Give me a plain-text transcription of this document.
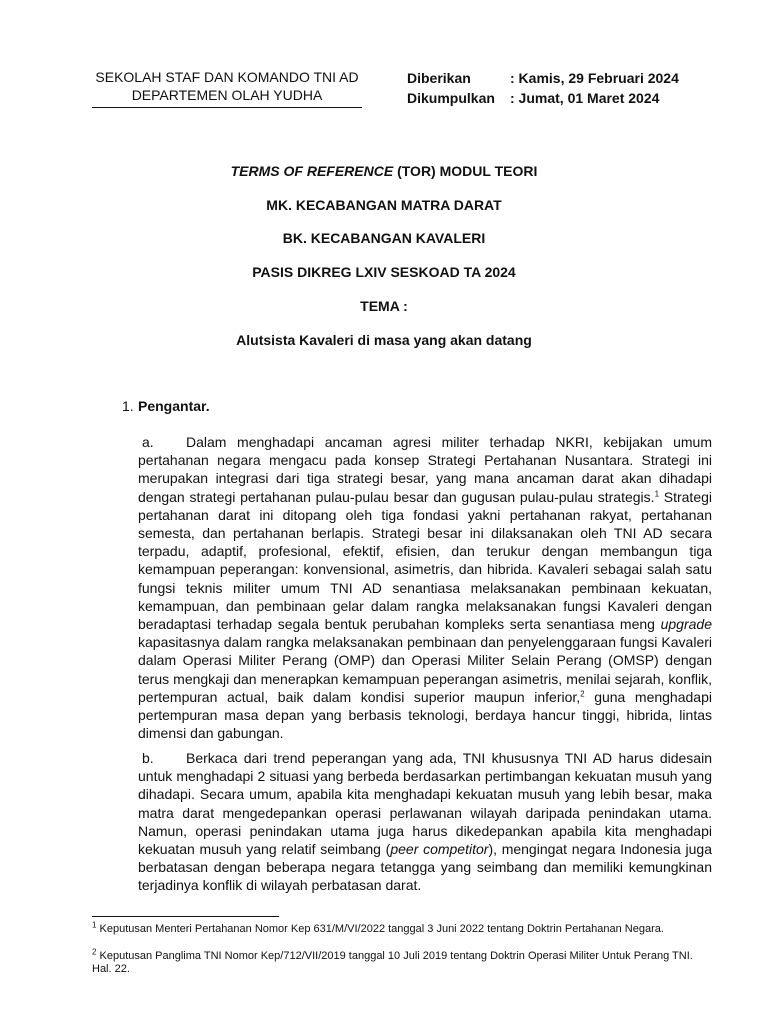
SEKOLAH STAF DAN KOMANDO TNI AD
DEPARTEMEN OLAH YUDHA
Diberikan	: Kamis, 29 Februari 2024
Dikumpulkan	: Jumat, 01 Maret 2024
TERMS OF REFERENCE (TOR) MODUL TEORI
MK. KECABANGAN MATRA DARAT
BK. KECABANGAN KAVALERI
PASIS DIKREG LXIV SESKOAD TA 2024
TEMA :
Alutsista Kavaleri di masa yang akan datang
1. Pengantar.
a. Dalam menghadapi ancaman agresi militer terhadap NKRI, kebijakan umum pertahanan negara mengacu pada konsep Strategi Pertahanan Nusantara. Strategi ini merupakan integrasi dari tiga strategi besar, yang mana ancaman darat akan dihadapi dengan strategi pertahanan pulau-pulau besar dan gugusan pulau-pulau strategis.$^1$ Strategi pertahanan darat ini ditopang oleh tiga fondasi yakni pertahanan rakyat, pertahanan semesta, dan pertahanan berlapis. Strategi besar ini dilaksanakan oleh TNI AD secara terpadu, adaptif, profesional, efektif, efisien, dan terukur dengan membangun tiga kemampuan peperangan: konvensional, asimetris, dan hibrida. Kavaleri sebagai salah satu fungsi teknis militer umum TNI AD senantiasa melaksanakan pembinaan kekuatan, kemampuan, dan pembinaan gelar dalam rangka melaksanakan fungsi Kavaleri dengan beradaptasi terhadap segala bentuk perubahan kompleks serta senantiasa meng upgrade kapasitasnya dalam rangka melaksanakan pembinaan dan penyelenggaraan fungsi Kavaleri dalam Operasi Militer Perang (OMP) dan Operasi Militer Selain Perang (OMSP) dengan terus mengkaji dan menerapkan kemampuan peperangan asimetris, menilai sejarah, konflik, pertempuran actual, baik dalam kondisi superior maupun inferior,$^2$ guna menghadapi pertempuran masa depan yang berbasis teknologi, berdaya hancur tinggi, hibrida, lintas dimensi dan gabungan.
b. Berkaca dari trend peperangan yang ada, TNI khususnya TNI AD harus didesain untuk menghadapi 2 situasi yang berbeda berdasarkan pertimbangan kekuatan musuh yang dihadapi. Secara umum, apabila kita menghadapi kekuatan musuh yang lebih besar, maka matra darat mengedepankan operasi perlawanan wilayah daripada penindakan utama. Namun, operasi penindakan utama juga harus dikedepankan apabila kita menghadapi kekuatan musuh yang relatif seimbang (peer competitor), mengingat negara Indonesia juga berbatasan dengan beberapa negara tetangga yang seimbang dan memiliki kemungkinan terjadinya konflik di wilayah perbatasan darat.
$^1$ Keputusan Menteri Pertahanan Nomor Kep 631/M/VI/2022 tanggal 3 Juni 2022 tentang Doktrin Pertahanan Negara.
$^2$ Keputusan Panglima TNI Nomor Kep/712/VII/2019 tanggal 10 Juli 2019 tentang Doktrin Operasi Militer Untuk Perang TNI. Hal. 22.
